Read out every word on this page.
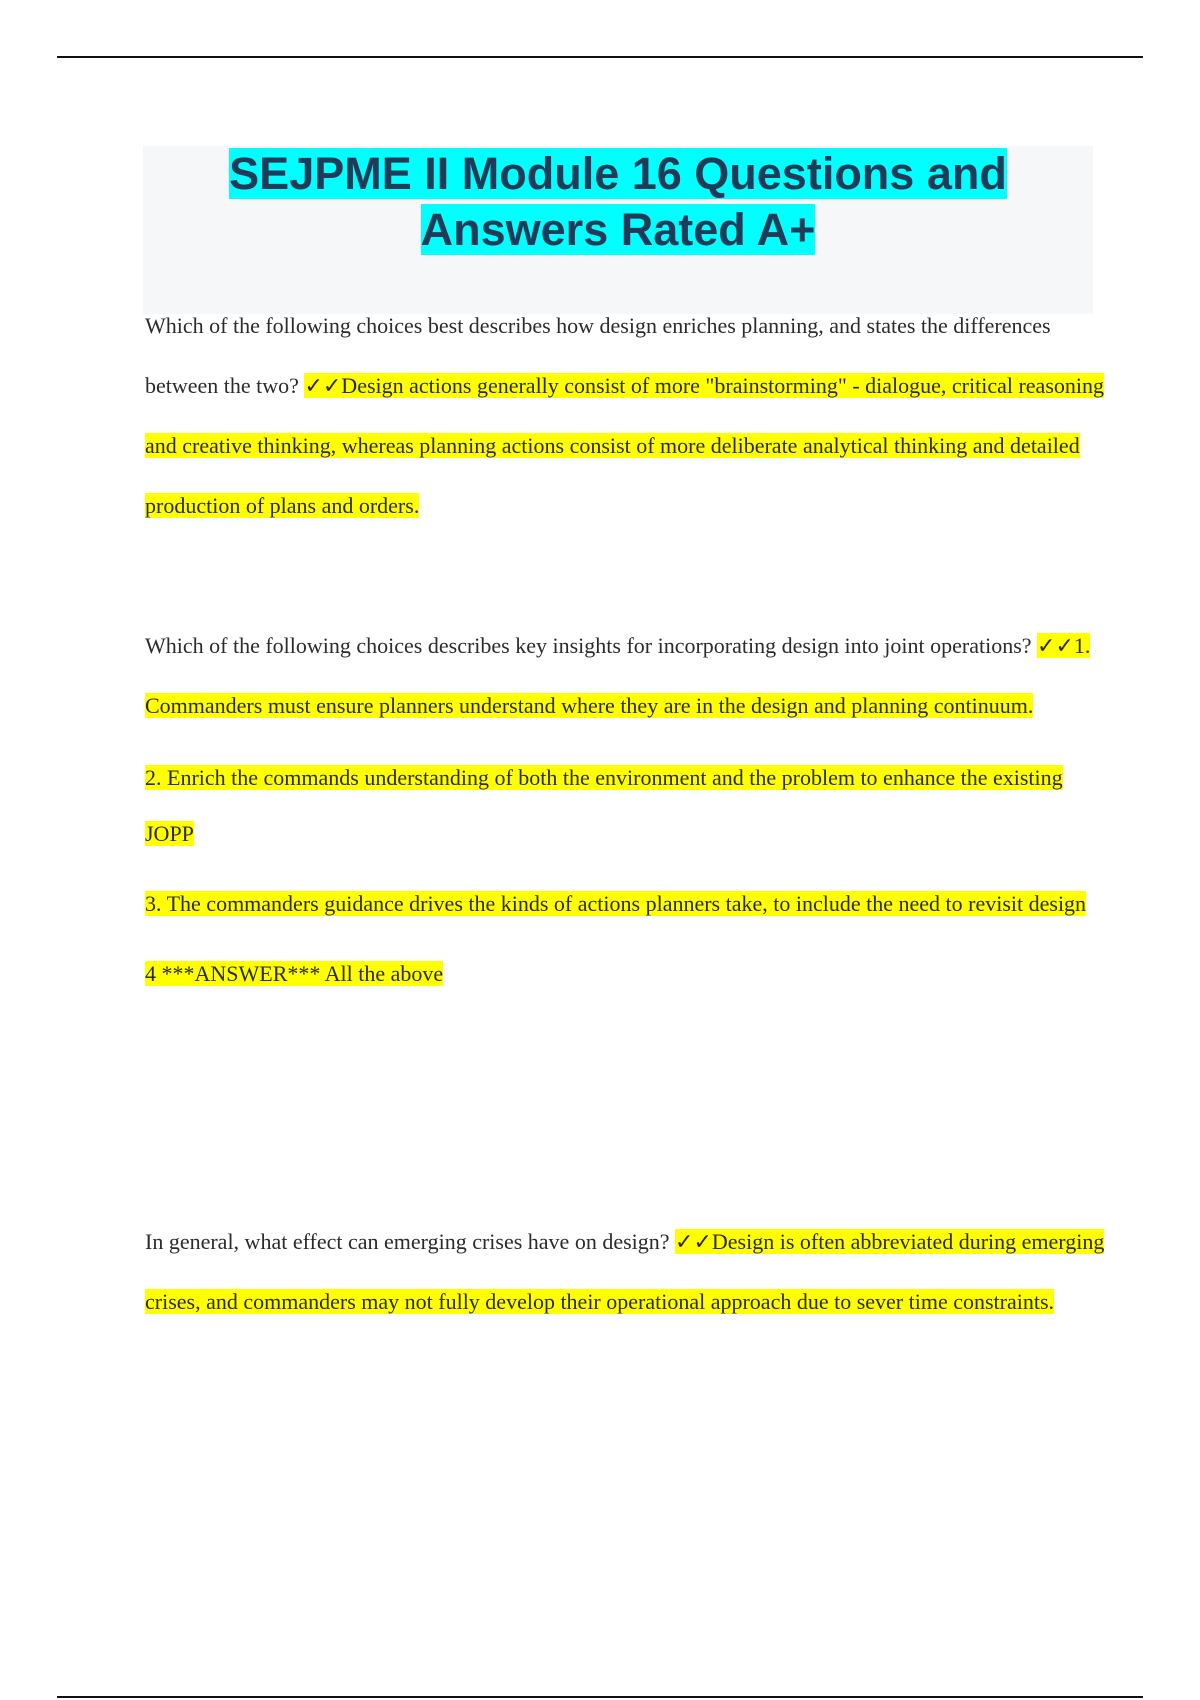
SEJPME II Module 16 Questions and Answers Rated A+

Which of the following choices best describes how design enriches planning, and states the differences between the two? ✓✓Design actions generally consist of more "brainstorming" - dialogue, critical reasoning and creative thinking, whereas planning actions consist of more deliberate analytical thinking and detailed production of plans and orders.

Which of the following choices describes key insights for incorporating design into joint operations? ✓✓1. Commanders must ensure planners understand where they are in the design and planning continuum.

2. Enrich the commands understanding of both the environment and the problem to enhance the existing JOPP

3. The commanders guidance drives the kinds of actions planners take, to include the need to revisit design

4 ***ANSWER*** All the above

In general, what effect can emerging crises have on design? ✓✓Design is often abbreviated during emerging crises, and commanders may not fully develop their operational approach due to sever time constraints.
